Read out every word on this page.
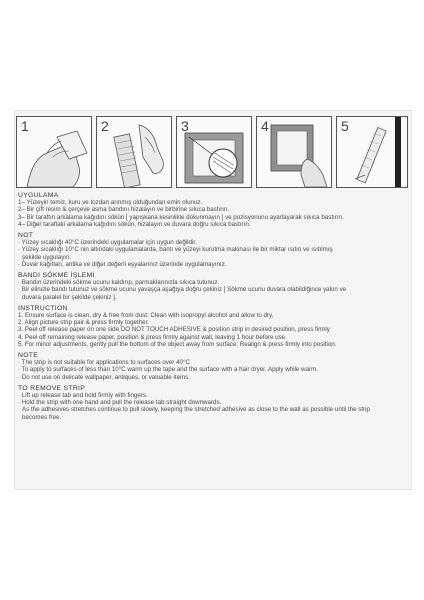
1	2	3	4	5
UYGULAMA
1– Yüzeyin temiz, kuru ve tozdan arınmış olduğundan emin olunuz.
2– Bir çift resim & çerçeve asma bandını hizalayın ve birbirine sıkıca bastırın.
3– Bir taraftın arkalama kağıdını sökün [ yapışkana kesinlikle dokunmayın ] ve pozisyonunu ayarlayarak sıkıca bastırın.
4– Diğer taraftaki arkalama kağıdını sökün, hizalayın ve duvara doğru sıkıca bastırın.
NOT
· Yüzey sıcaklığı 40°C üzerindeki uygulamalar için uygun değildir.
· Yüzey sıcaklığı 10°C nin altındaki uygulamalarda, bantı ve yüzeyi kurutma makinası ile bir miktar ısıtın ve ısıtılmış
şekilde uygulayın.
· Duvar kağıtları, antika ve diğer değerli eşyalarınız üzerinde uygulamayınız.
BANDI SÖKME İŞLEMİ
· Bandın üzerindeki sökme ucunu kaldırıp, parmaklarınızla sıkıca tutunuz.
· Bir elinizle bandı tutunuz ve sökme ucunu yavaşça aşağıya doğru çekiniz [ Sökme ucunu duvara olabildiğince yakın ve
duvara paralel bir şekilde çekiniz ].
INSTRUCTION
1. Ensure surface is clean, dry & free from dust. Clean with isopropyl alcohol and allow to dry.
2. Align picture strip pair & press firmly together.
3. Peel off release paper on one side DO NOT TOUCH ADHESIVE & position strip in desired position, press firmly
4. Peel off remaining release paper, position & press firmly against wall, leaving 1 hour before use.
5. For minor adjustments, gently pull the bottom of the object away from surface. Realign & press firmly into position.
NOTE
· The strip is not suitable for applications to surfaces over 40°C
· To apply to surfaces of less than 10°C warm up the tape and the surface with a hair dryer. Apply while warm.
· Do not use on delicate wallpaper, antiques, or valuable items.
TO REMOVE STRIP
· Lift up release tab and hold firmly with fingers.
· Hold the strip with one hand and pull the release tab straight downwards.
As the adhesives stretches continue to pull slowly, keeping the stretched adhesive as close to the wall as possible until the strip
becomes free.
